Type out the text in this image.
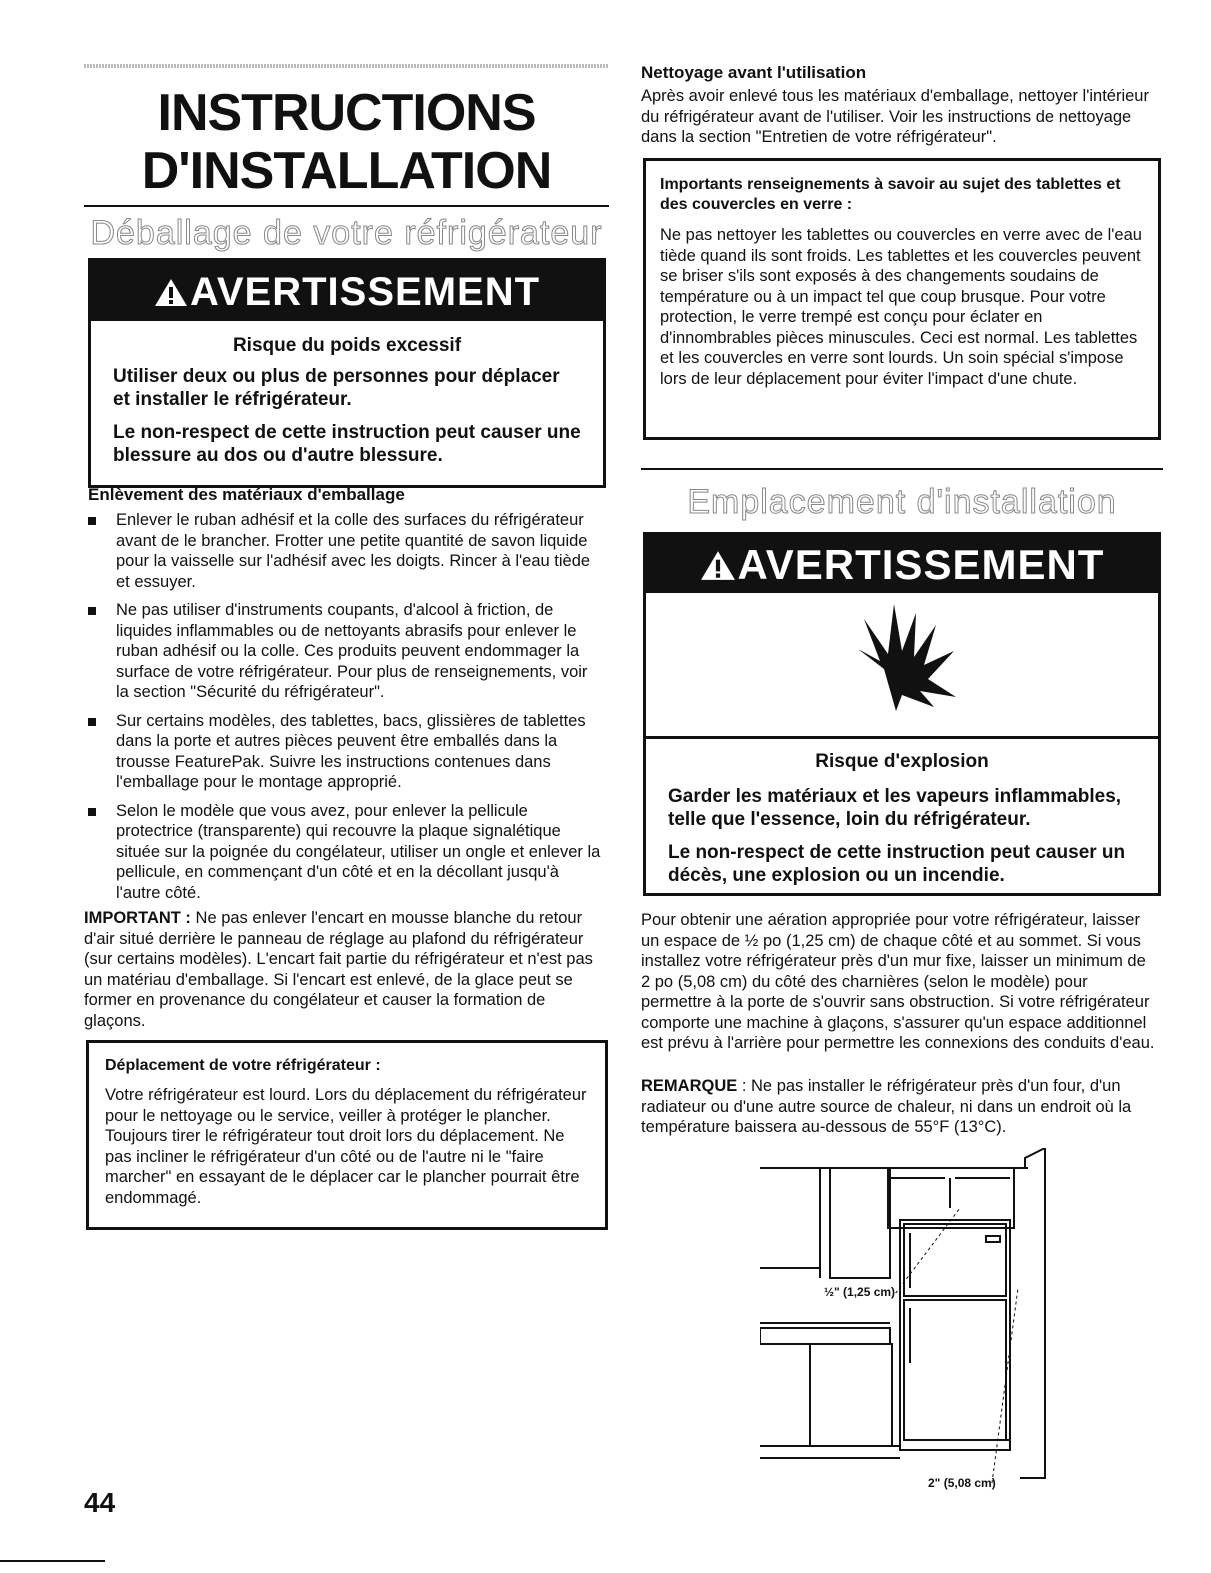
INSTRUCTIONS
D'INSTALLATION
Déballage de votre réfrigérateur
AVERTISSEMENT
Risque du poids excessif
Utiliser deux ou plus de personnes pour déplacer et installer le réfrigérateur.
Le non-respect de cette instruction peut causer une blessure au dos ou d'autre blessure.
Enlèvement des matériaux d'emballage
Enlever le ruban adhésif et la colle des surfaces du réfrigérateur avant de le brancher. Frotter une petite quantité de savon liquide pour la vaisselle sur l'adhésif avec les doigts. Rincer à l'eau tiède et essuyer.
Ne pas utiliser d'instruments coupants, d'alcool à friction, de liquides inflammables ou de nettoyants abrasifs pour enlever le ruban adhésif ou la colle. Ces produits peuvent endommager la surface de votre réfrigérateur. Pour plus de renseignements, voir la section "Sécurité du réfrigérateur".
Sur certains modèles, des tablettes, bacs, glissières de tablettes dans la porte et autres pièces peuvent être emballés dans la trousse FeaturePak. Suivre les instructions contenues dans l'emballage pour le montage approprié.
Selon le modèle que vous avez, pour enlever la pellicule protectrice (transparente) qui recouvre la plaque signalétique située sur la poignée du congélateur, utiliser un ongle et enlever la pellicule, en commençant d'un côté et en la décollant jusqu'à l'autre côté.
IMPORTANT : Ne pas enlever l'encart en mousse blanche du retour d'air situé derrière le panneau de réglage au plafond du réfrigérateur (sur certains modèles). L'encart fait partie du réfrigérateur et n'est pas un matériau d'emballage. Si l'encart est enlevé, de la glace peut se former en provenance du congélateur et causer la formation de glaçons.
Déplacement de votre réfrigérateur :
Votre réfrigérateur est lourd. Lors du déplacement du réfrigérateur pour le nettoyage ou le service, veiller à protéger le plancher. Toujours tirer le réfrigérateur tout droit lors du déplacement. Ne pas incliner le réfrigérateur d'un côté ou de l'autre ni le "faire marcher" en essayant de le déplacer car le plancher pourrait être endommagé.
44
Nettoyage avant l'utilisation
Après avoir enlevé tous les matériaux d'emballage, nettoyer l'intérieur du réfrigérateur avant de l'utiliser. Voir les instructions de nettoyage dans la section "Entretien de votre réfrigérateur".
Importants renseignements à savoir au sujet des tablettes et des couvercles en verre :
Ne pas nettoyer les tablettes ou couvercles en verre avec de l'eau tiède quand ils sont froids. Les tablettes et les couvercles peuvent se briser s'ils sont exposés à des changements soudains de température ou à un impact tel que coup brusque. Pour votre protection, le verre trempé est conçu pour éclater en d'innombrables pièces minuscules. Ceci est normal. Les tablettes et les couvercles en verre sont lourds. Un soin spécial s'impose lors de leur déplacement pour éviter l'impact d'une chute.
Emplacement d'installation
AVERTISSEMENT
Risque d'explosion
Garder les matériaux et les vapeurs inflammables, telle que l'essence, loin du réfrigérateur.
Le non-respect de cette instruction peut causer un décès, une explosion ou un incendie.
Pour obtenir une aération appropriée pour votre réfrigérateur, laisser un espace de ½ po (1,25 cm) de chaque côté et au sommet. Si vous installez votre réfrigérateur près d'un mur fixe, laisser un minimum de 2 po (5,08 cm) du côté des charnières (selon le modèle) pour permettre à la porte de s'ouvrir sans obstruction. Si votre réfrigérateur comporte une machine à glaçons, s'assurer qu'un espace additionnel est prévu à l'arrière pour permettre les connexions des conduits d'eau.
REMARQUE : Ne pas installer le réfrigérateur près d'un four, d'un radiateur ou d'une autre source de chaleur, ni dans un endroit où la température baissera au-dessous de 55°F (13°C).
½" (1,25 cm)
2" (5,08 cm)
